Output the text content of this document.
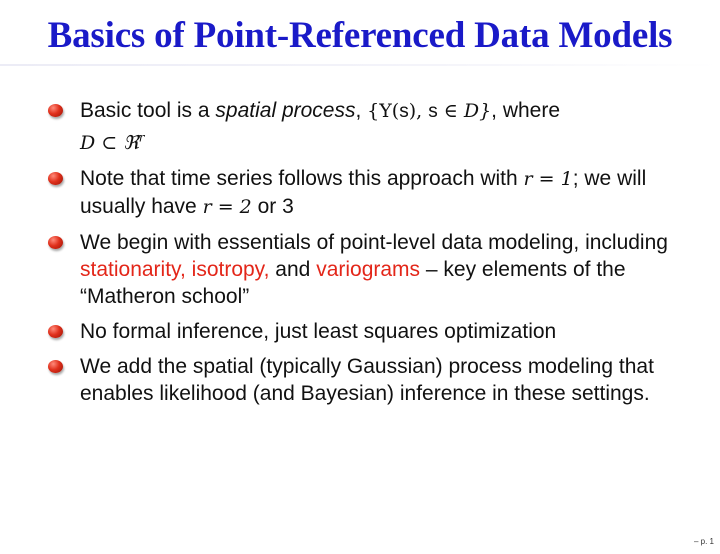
Basics of Point-Referenced Data Models
Basic tool is a spatial process, {Y(s), s ∈ D}, where
D ⊂ ℜ$^r$
Note that time series follows this approach with r = 1; we will usually have r = 2 or 3
We begin with essentials of point-level data modeling, including stationarity, isotropy, and variograms – key elements of the “Matheron school”
No formal inference, just least squares optimization
We add the spatial (typically Gaussian) process modeling that enables likelihood (and Bayesian) inference in these settings.
– p. 1
